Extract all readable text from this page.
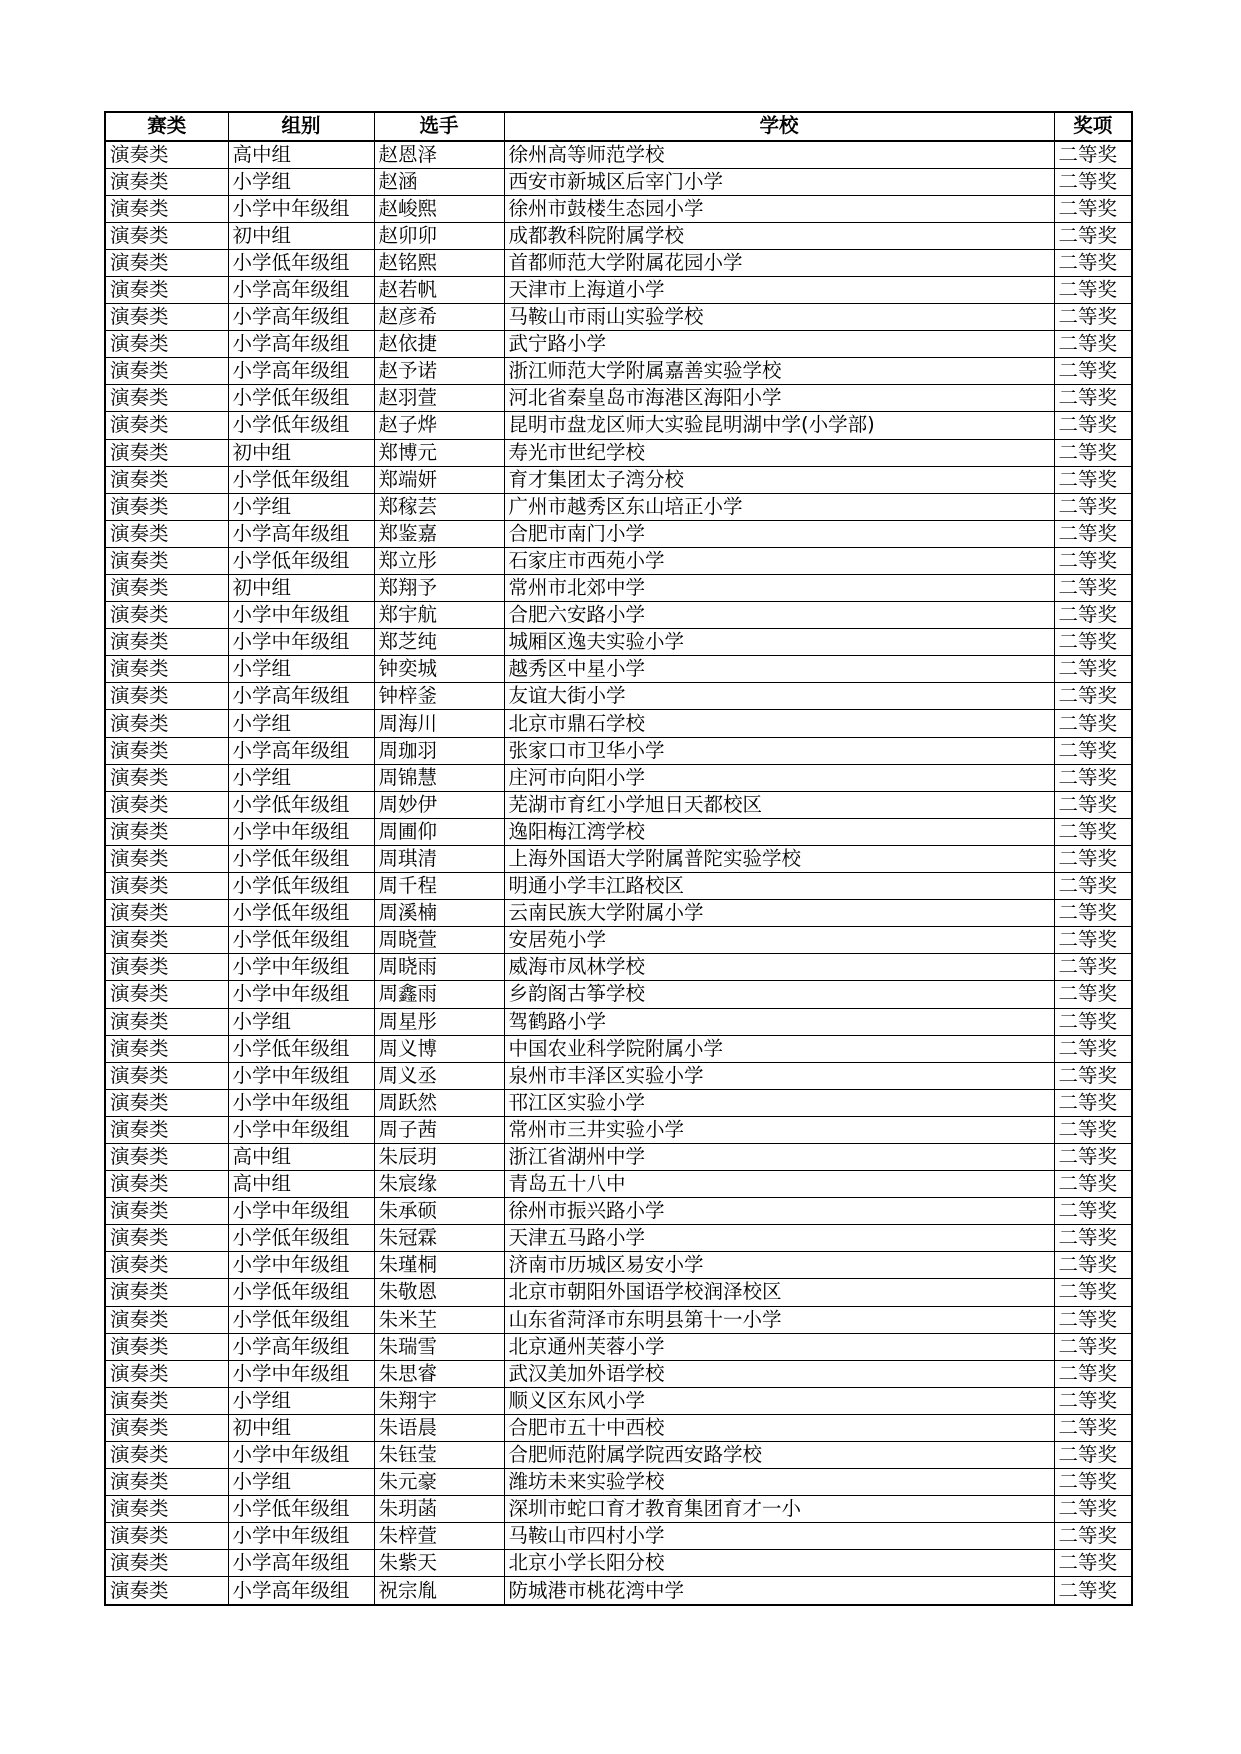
赛类	组别	选手	学校	奖项
演奏类	高中组	赵恩泽	徐州高等师范学校	二等奖
演奏类	小学组	赵涵	西安市新城区后宰门小学	二等奖
演奏类	小学中年级组	赵峻熙	徐州市鼓楼生态园小学	二等奖
演奏类	初中组	赵卯卯	成都教科院附属学校	二等奖
演奏类	小学低年级组	赵铭熙	首都师范大学附属花园小学	二等奖
演奏类	小学高年级组	赵若帆	天津市上海道小学	二等奖
演奏类	小学高年级组	赵彦希	马鞍山市雨山实验学校	二等奖
演奏类	小学高年级组	赵依捷	武宁路小学	二等奖
演奏类	小学高年级组	赵予诺	浙江师范大学附属嘉善实验学校	二等奖
演奏类	小学低年级组	赵羽萱	河北省秦皇岛市海港区海阳小学	二等奖
演奏类	小学低年级组	赵子烨	昆明市盘龙区师大实验昆明湖中学(小学部)	二等奖
演奏类	初中组	郑博元	寿光市世纪学校	二等奖
演奏类	小学低年级组	郑端妍	育才集团太子湾分校	二等奖
演奏类	小学组	郑稼芸	广州市越秀区东山培正小学	二等奖
演奏类	小学高年级组	郑鉴嘉	合肥市南门小学	二等奖
演奏类	小学低年级组	郑立彤	石家庄市西苑小学	二等奖
演奏类	初中组	郑翔予	常州市北郊中学	二等奖
演奏类	小学中年级组	郑宇航	合肥六安路小学	二等奖
演奏类	小学中年级组	郑芝纯	城厢区逸夫实验小学	二等奖
演奏类	小学组	钟奕城	越秀区中星小学	二等奖
演奏类	小学高年级组	钟梓釜	友谊大街小学	二等奖
演奏类	小学组	周海川	北京市鼎石学校	二等奖
演奏类	小学高年级组	周珈羽	张家口市卫华小学	二等奖
演奏类	小学组	周锦慧	庄河市向阳小学	二等奖
演奏类	小学低年级组	周妙伊	芜湖市育红小学旭日天都校区	二等奖
演奏类	小学中年级组	周圃仰	逸阳梅江湾学校	二等奖
演奏类	小学低年级组	周琪清	上海外国语大学附属普陀实验学校	二等奖
演奏类	小学低年级组	周千程	明通小学丰江路校区	二等奖
演奏类	小学低年级组	周溪楠	云南民族大学附属小学	二等奖
演奏类	小学低年级组	周晓萱	安居苑小学	二等奖
演奏类	小学中年级组	周晓雨	威海市凤林学校	二等奖
演奏类	小学中年级组	周鑫雨	乡韵阁古筝学校	二等奖
演奏类	小学组	周星彤	驾鹤路小学	二等奖
演奏类	小学低年级组	周义博	中国农业科学院附属小学	二等奖
演奏类	小学中年级组	周义丞	泉州市丰泽区实验小学	二等奖
演奏类	小学中年级组	周跃然	邗江区实验小学	二等奖
演奏类	小学中年级组	周子茜	常州市三井实验小学	二等奖
演奏类	高中组	朱辰玥	浙江省湖州中学	二等奖
演奏类	高中组	朱宸缘	青岛五十八中	二等奖
演奏类	小学中年级组	朱承硕	徐州市振兴路小学	二等奖
演奏类	小学低年级组	朱冠霖	天津五马路小学	二等奖
演奏类	小学中年级组	朱瑾桐	济南市历城区易安小学	二等奖
演奏类	小学低年级组	朱敬恩	北京市朝阳外国语学校润泽校区	二等奖
演奏类	小学低年级组	朱米芏	山东省菏泽市东明县第十一小学	二等奖
演奏类	小学高年级组	朱瑞雪	北京通州芙蓉小学	二等奖
演奏类	小学中年级组	朱思睿	武汉美加外语学校	二等奖
演奏类	小学组	朱翔宇	顺义区东风小学	二等奖
演奏类	初中组	朱语晨	合肥市五十中西校	二等奖
演奏类	小学中年级组	朱钰莹	合肥师范附属学院西安路学校	二等奖
演奏类	小学组	朱元豪	潍坊未来实验学校	二等奖
演奏类	小学低年级组	朱玥菡	深圳市蛇口育才教育集团育才一小	二等奖
演奏类	小学中年级组	朱梓萱	马鞍山市四村小学	二等奖
演奏类	小学高年级组	朱紫天	北京小学长阳分校	二等奖
演奏类	小学高年级组	祝宗胤	防城港市桃花湾中学	二等奖
